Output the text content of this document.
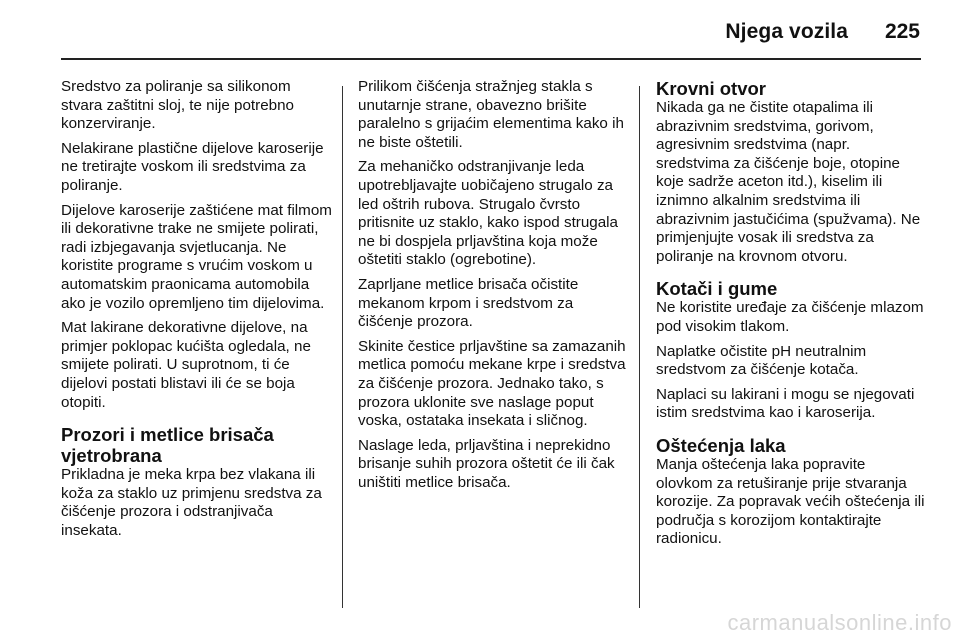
Njega vozila 225

Sredstvo za poliranje sa silikonom stvara zaštitni sloj, te nije potrebno konzerviranje.

Nelakirane plastične dijelove karoserije ne tretirajte voskom ili sredstvima za poliranje.

Dijelove karoserije zaštićene mat filmom ili dekorativne trake ne smijete polirati, radi izbjegavanja svjetlucanja. Ne koristite programe s vrućim voskom u automatskim praonicama automobila ako je vozilo opremljeno tim dijelovima.

Mat lakirane dekorativne dijelove, na primjer poklopac kućišta ogledala, ne smijete polirati. U suprotnom, ti će dijelovi postati blistavi ili će se boja otopiti.

Prozori i metlice brisača vjetrobrana

Prikladna je meka krpa bez vlakana ili koža za staklo uz primjenu sredstva za čišćenje prozora i odstranjivača insekata.

Prilikom čišćenja stražnjeg stakla s unutarnje strane, obavezno brišite paralelno s grijaćim elementima kako ih ne biste oštetili.

Za mehaničko odstranjivanje leda upotrebljavajte uobičajeno strugalo za led oštrih rubova. Strugalo čvrsto pritisnite uz staklo, kako ispod strugala ne bi dospjela prljavština koja može oštetiti staklo (ogrebotine).

Zaprljane metlice brisača očistite mekanom krpom i sredstvom za čišćenje prozora.

Skinite čestice prljavštine sa zamazanih metlica pomoću mekane krpe i sredstva za čišćenje prozora. Jednako tako, s prozora uklonite sve naslage poput voska, ostataka insekata i sličnog.

Naslage leda, prljavština i neprekidno brisanje suhih prozora oštetit će ili čak uništiti metlice brisača.

Krovni otvor

Nikada ga ne čistite otapalima ili abrazivnim sredstvima, gorivom, agresivnim sredstvima (napr. sredstvima za čišćenje boje, otopine koje sadrže aceton itd.), kiselim ili iznimno alkalnim sredstvima ili abrazivnim jastučićima (spužvama). Ne primjenjujte vosak ili sredstva za poliranje na krovnom otvoru.

Kotači i gume

Ne koristite uređaje za čišćenje mlazom pod visokim tlakom.

Naplatke očistite pH neutralnim sredstvom za čišćenje kotača.

Naplaci su lakirani i mogu se njegovati istim sredstvima kao i karoserija.

Oštećenja laka

Manja oštećenja laka popravite olovkom za retuširanje prije stvaranja korozije. Za popravak većih oštećenja ili područja s korozijom kontaktirajte radionicu.

carmanualsonline.info
